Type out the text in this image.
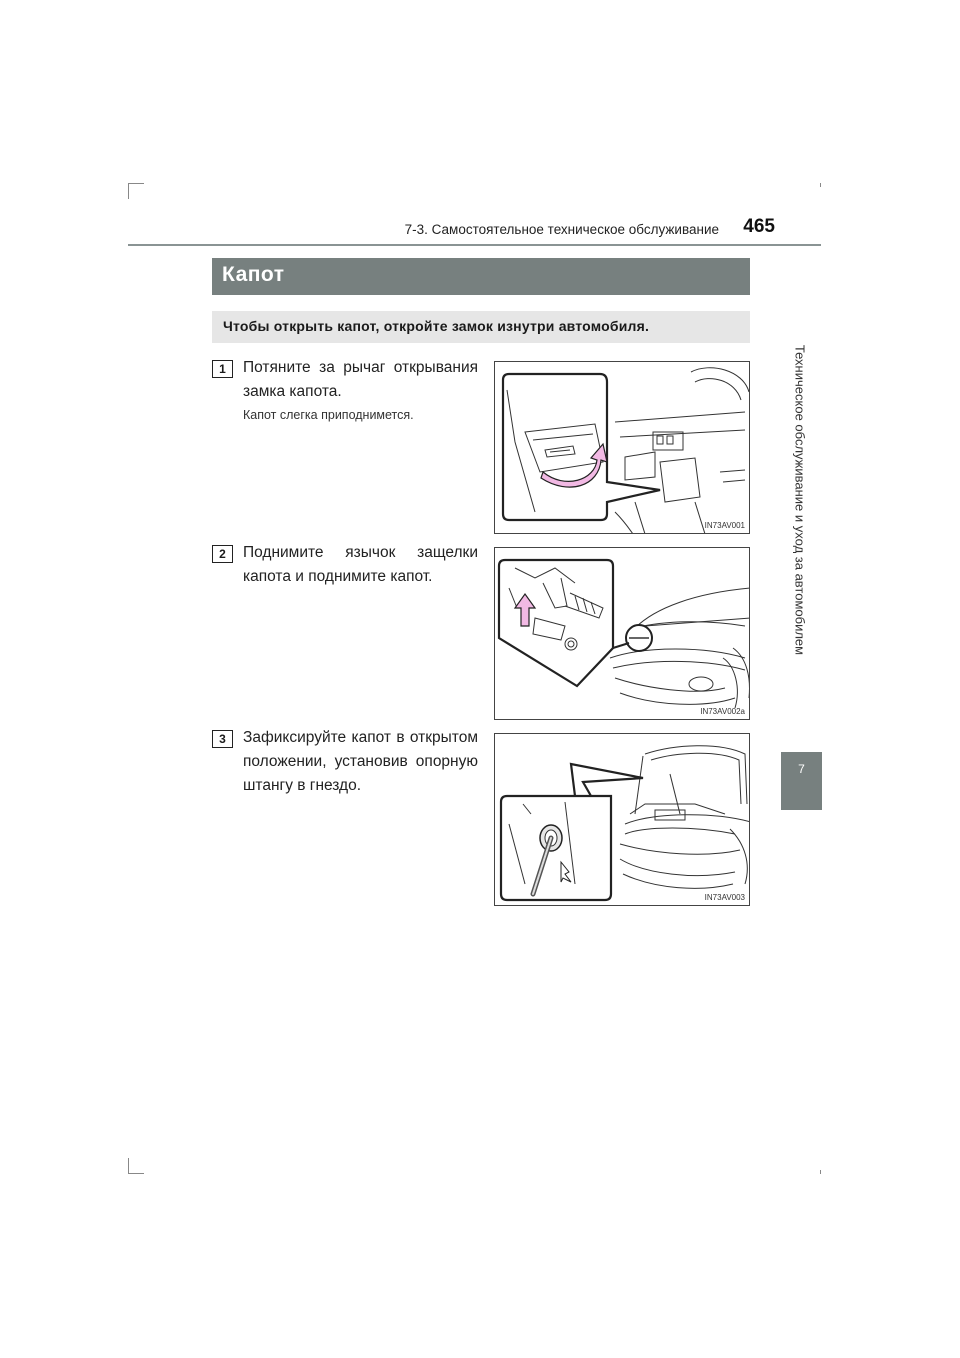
7-3. Самостоятельное техническое обслуживание	465
Техническое обслуживание и уход за автомобилем
7
Капот
Чтобы открыть капот, откройте замок изнутри автомобиля.
1	Потяните за рычаг открывания замка капота.
Капот слегка приподнимется.
IN73AV001
2	Поднимите язычок защелки капота и поднимите капот.
IN73AV002a
3	Зафиксируйте капот в открытом положении, установив опорную штангу в гнездо.
IN73AV003
